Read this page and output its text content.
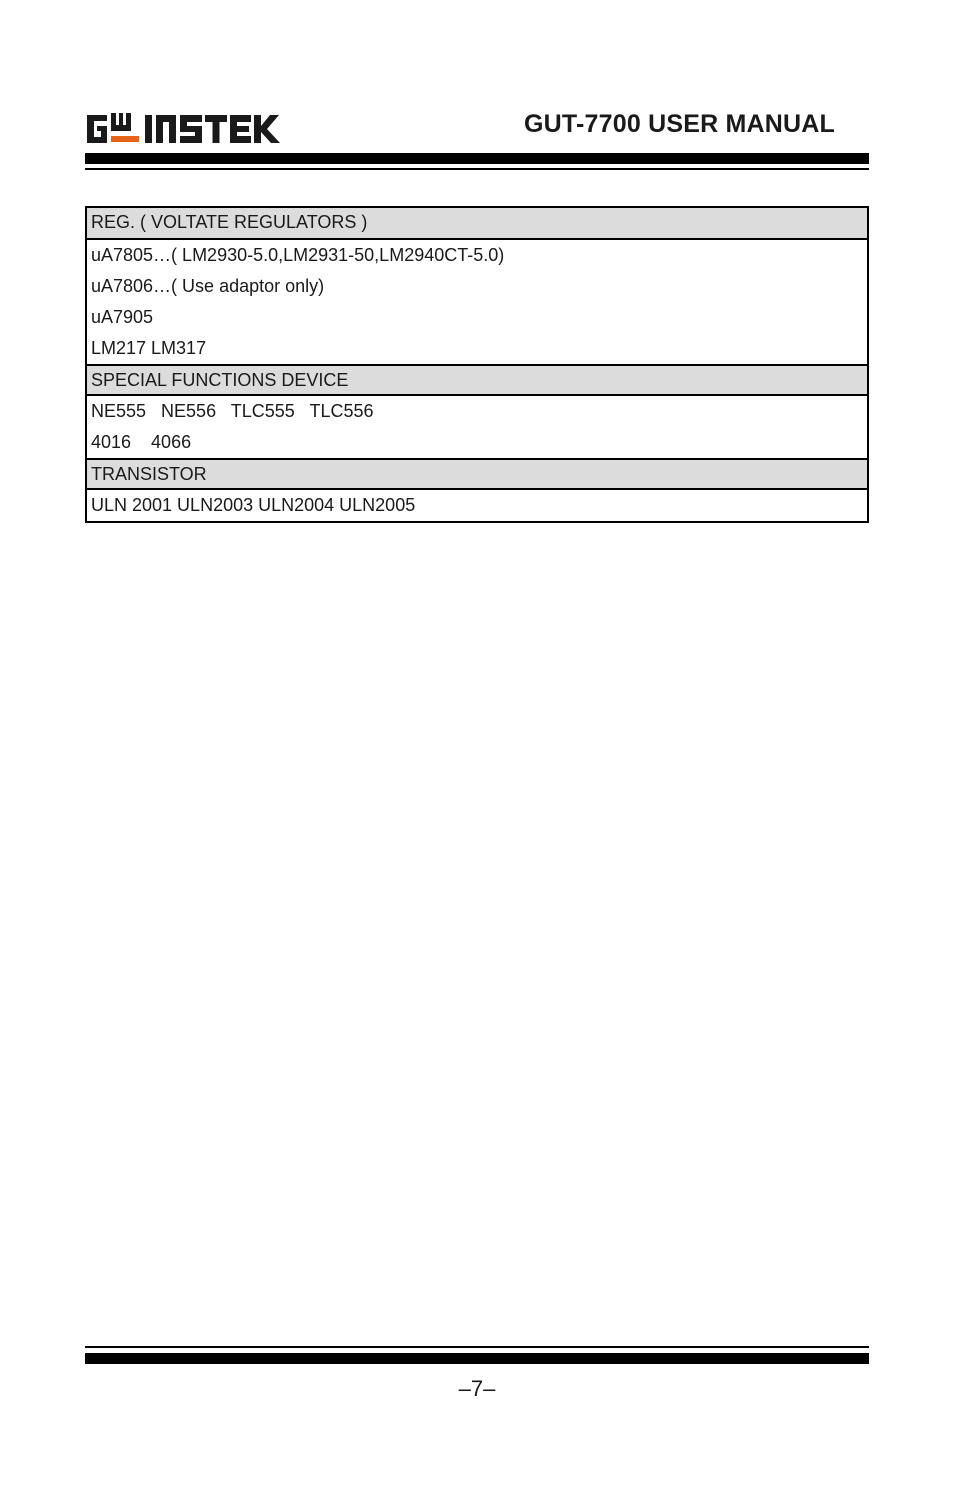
GUT-7700 USER MANUAL
REG. ( VOLTATE REGULATORS )
uA7805…( LM2930-5.0,LM2931-50,LM2940CT-5.0)
uA7806…( Use adaptor only)
uA7905
LM217 LM317
SPECIAL FUNCTIONS DEVICE
NE555   NE556   TLC555   TLC556
4016    4066
TRANSISTOR
ULN 2001 ULN2003 ULN2004 ULN2005
–7–
